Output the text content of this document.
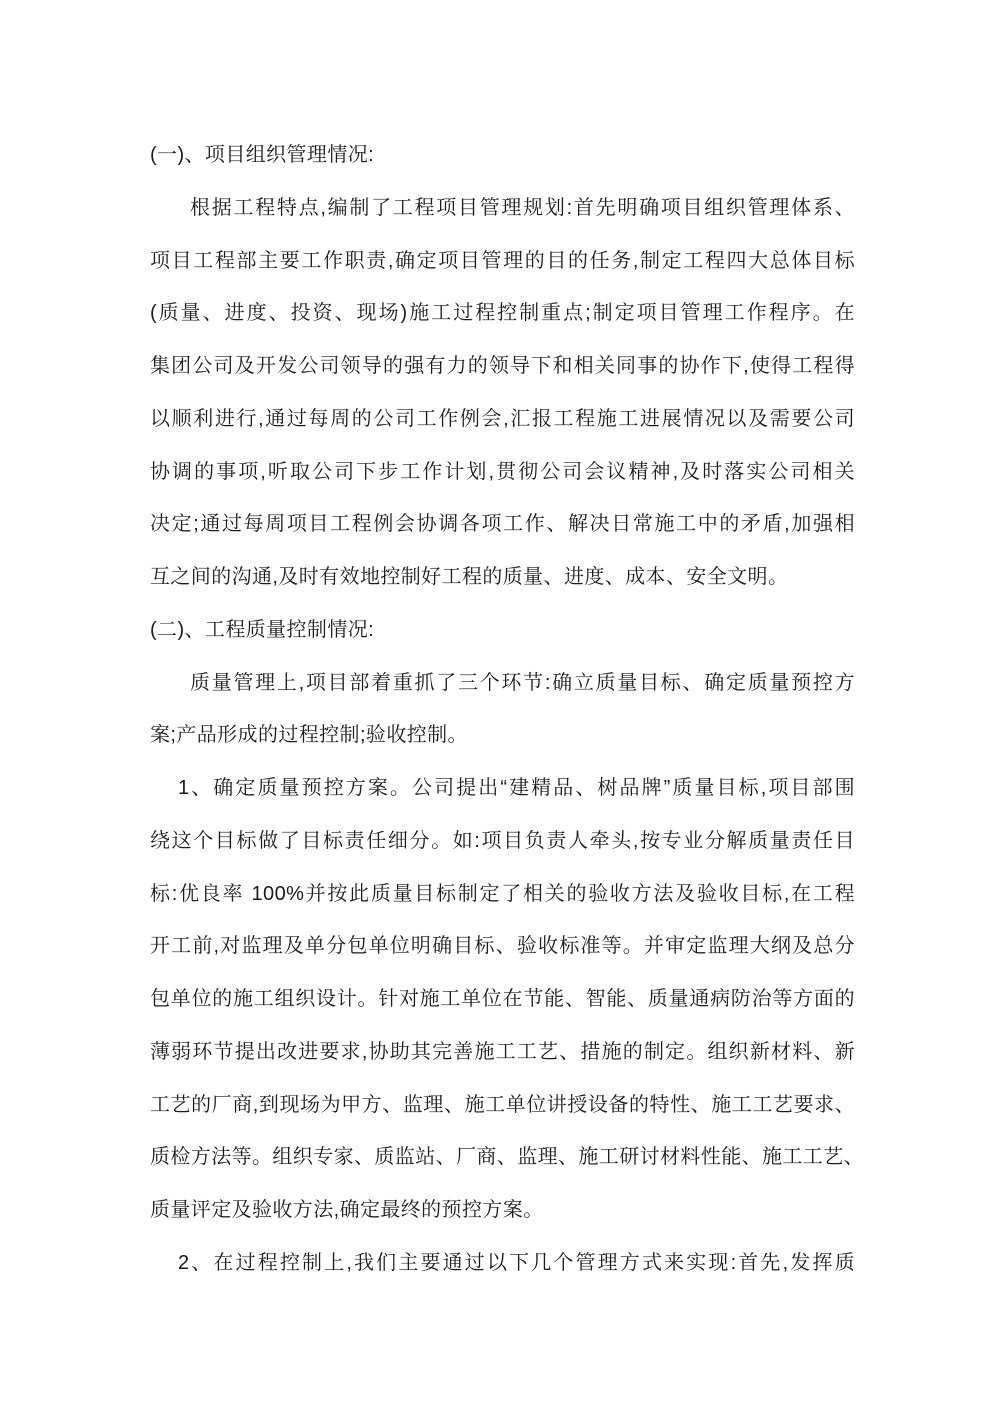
(一)、项目组织管理情况:
根据工程特点,编制了工程项目管理规划:首先明确项目组织管理体系、
项目工程部主要工作职责,确定项目管理的目的任务,制定工程四大总体目标
(质量、进度、投资、现场)施工过程控制重点;制定项目管理工作程序。在
集团公司及开发公司领导的强有力的领导下和相关同事的协作下,使得工程得
以顺利进行,通过每周的公司工作例会,汇报工程施工进展情况以及需要公司
协调的事项,听取公司下步工作计划,贯彻公司会议精神,及时落实公司相关
决定;通过每周项目工程例会协调各项工作、解决日常施工中的矛盾,加强相
互之间的沟通,及时有效地控制好工程的质量、进度、成本、安全文明。
(二)、工程质量控制情况:
质量管理上,项目部着重抓了三个环节:确立质量目标、确定质量预控方
案;产品形成的过程控制;验收控制。
1、确定质量预控方案。公司提出“建精品、树品牌”质量目标,项目部围
绕这个目标做了目标责任细分。如:项目负责人牵头,按专业分解质量责任目
标:优良率 100%并按此质量目标制定了相关的验收方法及验收目标,在工程
开工前,对监理及单分包单位明确目标、验收标准等。并审定监理大纲及总分
包单位的施工组织设计。针对施工单位在节能、智能、质量通病防治等方面的
薄弱环节提出改进要求,协助其完善施工工艺、措施的制定。组织新材料、新
工艺的厂商,到现场为甲方、监理、施工单位讲授设备的特性、施工工艺要求、
质检方法等。组织专家、质监站、厂商、监理、施工研讨材料性能、施工工艺、
质量评定及验收方法,确定最终的预控方案。
2、在过程控制上,我们主要通过以下几个管理方式来实现:首先,发挥质
